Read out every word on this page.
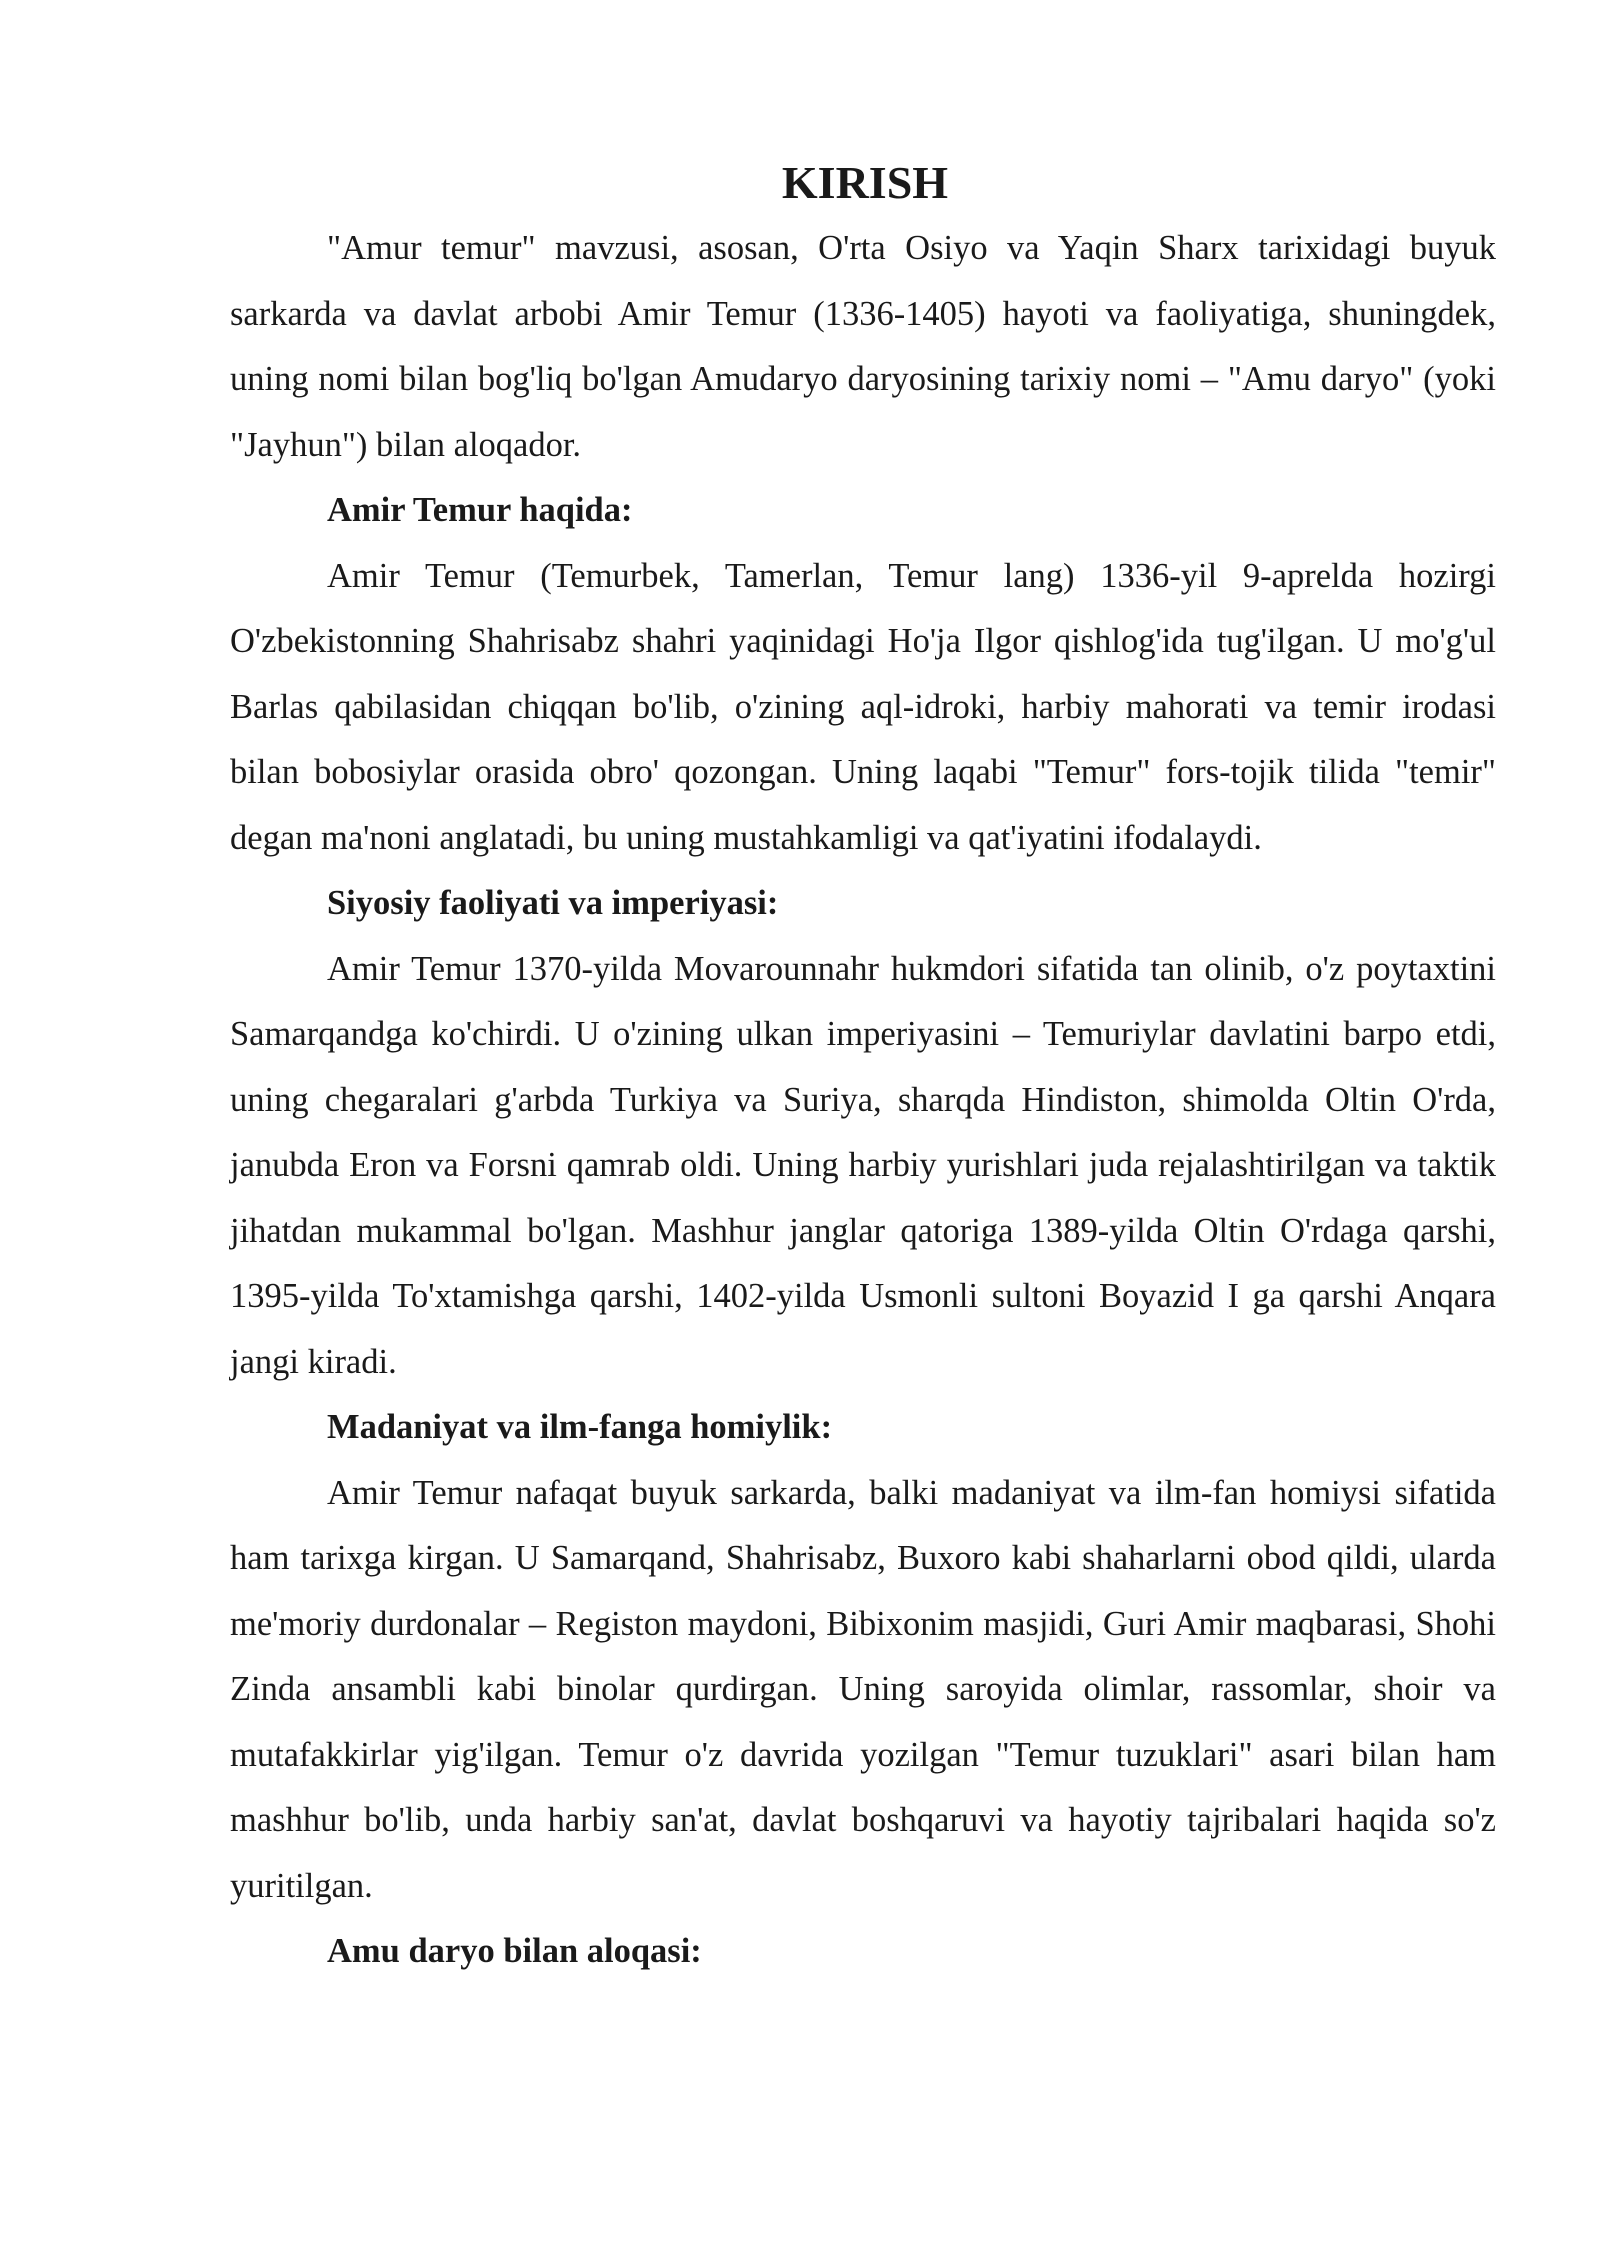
KIRISH

"Amur temur" mavzusi, asosan, O'rta Osiyo va Yaqin Sharx tarixidagi buyuk sarkarda va davlat arbobi Amir Temur (1336-1405) hayoti va faoliyatiga, shuningdek, uning nomi bilan bog'liq bo'lgan Amudaryo daryosining tarixiy nomi – "Amu daryo" (yoki "Jayhun") bilan aloqador.

Amir Temur haqida:

Amir Temur (Temurbek, Tamerlan, Temur lang) 1336-yil 9-aprelda hozirgi O'zbekistonning Shahrisabz shahri yaqinidagi Ho'ja Ilgor qishlog'ida tug'ilgan. U mo'g'ul Barlas qabilasidan chiqqan bo'lib, o'zining aql-idroki, harbiy mahorati va temir irodasi bilan bobosiylar orasida obro' qozongan. Uning laqabi "Temur" fors-tojik tilida "temir" degan ma'noni anglatadi, bu uning mustahkamligi va qat'iyatini ifodalaydi.

Siyosiy faoliyati va imperiyasi:

Amir Temur 1370-yilda Movarounnahr hukmdori sifatida tan olinib, o'z poytaxtini Samarqandga ko'chirdi. U o'zining ulkan imperiyasini – Temuriylar davlatini barpo etdi, uning chegaralari g'arbda Turkiya va Suriya, sharqda Hindiston, shimolda Oltin O'rda, janubda Eron va Forsni qamrab oldi. Uning harbiy yurishlari juda rejalashtirilgan va taktik jihatdan mukammal bo'lgan. Mashhur janglar qatoriga 1389-yilda Oltin O'rdaga qarshi, 1395-yilda To'xtamishga qarshi, 1402-yilda Usmonli sultoni Boyazid I ga qarshi Anqara jangi kiradi.

Madaniyat va ilm-fanga homiylik:

Amir Temur nafaqat buyuk sarkarda, balki madaniyat va ilm-fan homiysi sifatida ham tarixga kirgan. U Samarqand, Shahrisabz, Buxoro kabi shaharlarni obod qildi, ularda me'moriy durdonalar – Registon maydoni, Bibixonim masjidi, Guri Amir maqbarasi, Shohi Zinda ansambli kabi binolar qurdirgan. Uning saroyida olimlar, rassomlar, shoir va mutafakkirlar yig'ilgan. Temur o'z davrida yozilgan "Temur tuzuklari" asari bilan ham mashhur bo'lib, unda harbiy san'at, davlat boshqaruvi va hayotiy tajribalari haqida so'z yuritilgan.

Amu daryo bilan aloqasi:
